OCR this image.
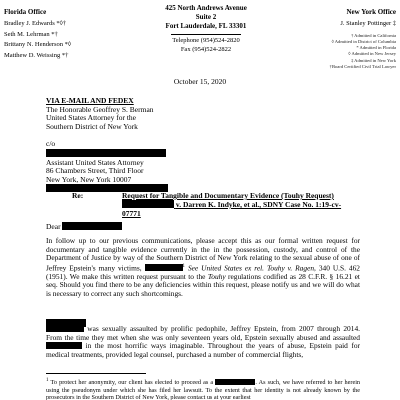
Florida Office
Bradley J. Edwards *◊†
Seth M. Lehrman *†
Brittany N. Henderson *◊
Matthew D. Weissing *†
425 North Andrews Avenue
Suite 2
Fort Lauderdale, FL 33301
Telephone (954)524-2820
Fax (954)524-2822
New York Office
J. Stanley Pottinger ‡
† Admitted in California
◊ Admitted in District of Columbia
* Admitted in Florida
◊ Admitted in New Jersey
‡ Admitted in New York
†Board Certified Civil Trial Lawyer
October 15, 2020

VIA E-MAIL AND FEDEX

The Honorable Geoffrey S. Berman

United States Attorney for the

Southern District of New York

c/o

Assistant United States Attorney

86 Chambers Street, Third Floor

New York, New York 10007

Re:	Request for Tangible and Documentary Evidence (Touhy Request)
v. Darren K. Indyke, et al., SDNY Case No. 1:19-cv-07771
Dear
In follow up to our previous communications, please accept this as our formal written request for documentary and tangible evidence currently in the in the possession, custody, and control of the Department of Justice by way of the Southern District of New York relating to the sexual abuse of one of Jeffrey Epstein's many victims,	$^1$ See United States ex rel. Touhy v. Ragen, 340 U.S. 462 (1951). We make this written request pursuant to the Touhy regulations codified as 28 C.F.R. § 16.21 et seq. Should you find there to be any deficiencies within this request, please notify us and we will do what is necessary to correct any such shortcomings.
was sexually assaulted by prolific pedophile, Jeffrey Epstein, from 2007 through 2014. From the time they met when she was only seventeen years old, Epstein sexually abused and assaulted  in the most horrific ways imaginable. Throughout the years of abuse, Epstein paid for medical treatments, provided legal counsel, purchased a number of commercial flights,
$^1$ To protect her anonymity, our client has elected to proceed as a	. As such, we have referred to her herein using the pseudonym under which she has filed her lawsuit. To the extent that her identity is not already known by the prosecutors in the Southern District of New York, please contact us at your earliest
